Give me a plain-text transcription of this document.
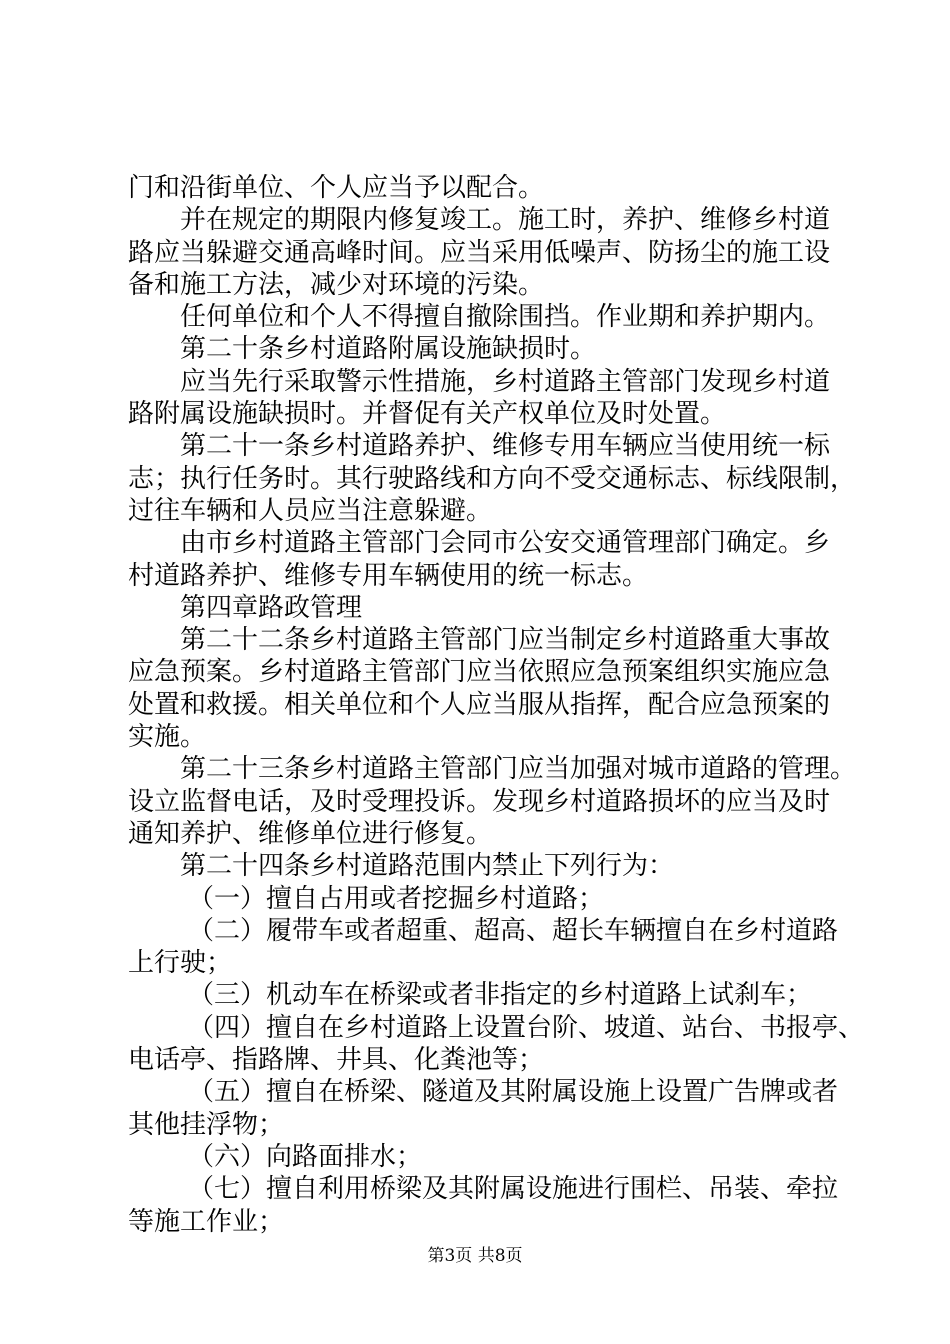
门和沿街单位、个人应当予以配合。
并在规定的期限内修复竣工。施工时，养护、维修乡村道
路应当躲避交通高峰时间。应当采用低噪声、防扬尘的施工设
备和施工方法，减少对环境的污染。
任何单位和个人不得擅自撤除围挡。作业期和养护期内。
第二十条乡村道路附属设施缺损时。
应当先行采取警示性措施，乡村道路主管部门发现乡村道
路附属设施缺损时。并督促有关产权单位及时处置。
第二十一条乡村道路养护、维修专用车辆应当使用统一标
志；执行任务时。其行驶路线和方向不受交通标志、标线限制，
过往车辆和人员应当注意躲避。
由市乡村道路主管部门会同市公安交通管理部门确定。乡
村道路养护、维修专用车辆使用的统一标志。
第四章路政管理
第二十二条乡村道路主管部门应当制定乡村道路重大事故
应急预案。乡村道路主管部门应当依照应急预案组织实施应急
处置和救援。相关单位和个人应当服从指挥，配合应急预案的
实施。
第二十三条乡村道路主管部门应当加强对城市道路的管理。
设立监督电话，及时受理投诉。发现乡村道路损坏的应当及时
通知养护、维修单位进行修复。
第二十四条乡村道路范围内禁止下列行为：
（一）擅自占用或者挖掘乡村道路；
（二）履带车或者超重、超高、超长车辆擅自在乡村道路
上行驶；
（三）机动车在桥梁或者非指定的乡村道路上试刹车；
（四）擅自在乡村道路上设置台阶、坡道、站台、书报亭、
电话亭、指路牌、井具、化粪池等；
（五）擅自在桥梁、隧道及其附属设施上设置广告牌或者
其他挂浮物；
（六）向路面排水；
（七）擅自利用桥梁及其附属设施进行围栏、吊装、牵拉
等施工作业；
第3页 共8页
